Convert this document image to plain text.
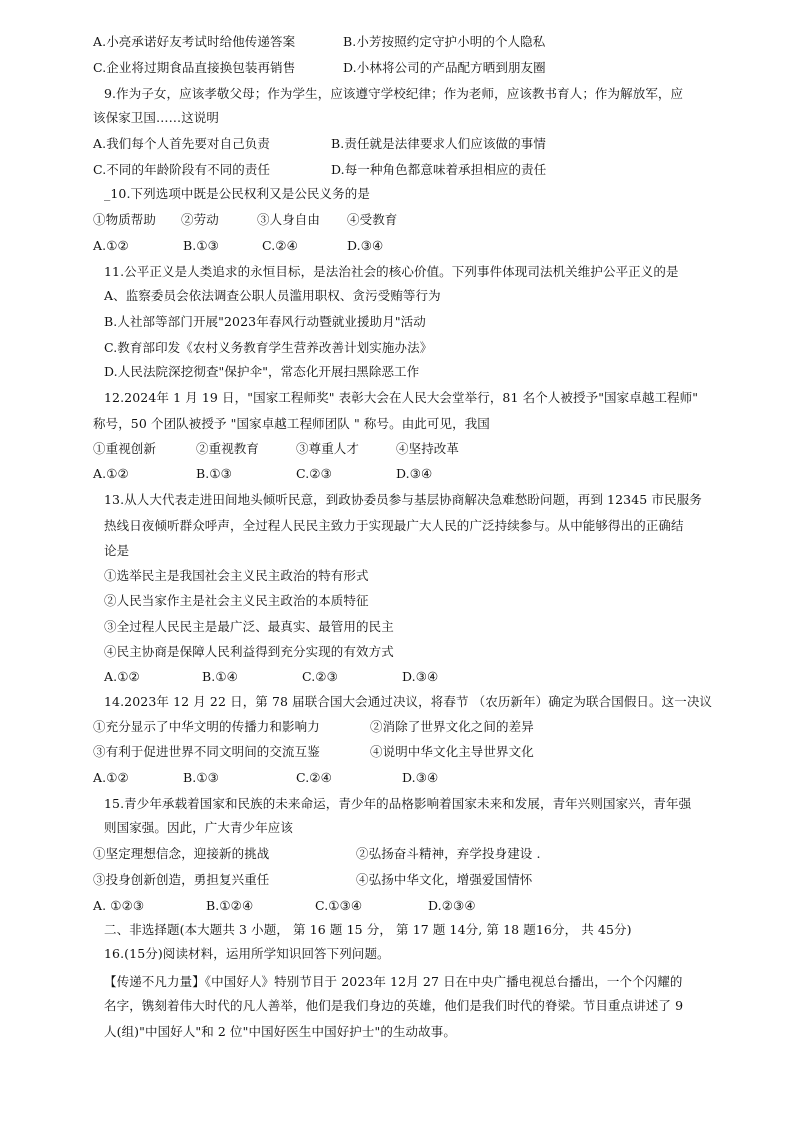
A.小亮承诺好友考试时给他传递答案	B.小芳按照约定守护小明的个人隐私
C.企业将过期食品直接换包装再销售	D.小林将公司的产品配方晒到朋友圈
9.作为子女，应该孝敬父母；作为学生，应该遵守学校纪律；作为老师，应该教书育人；作为解放军，应
该保家卫国……这说明
A.我们每个人首先要对自己负责	B.责任就是法律要求人们应该做的事情
C.不同的年龄阶段有不同的责任	D.每一种角色都意味着承担相应的责任
_10.下列选项中既是公民权利又是公民义务的是
①物质帮助 ②劳动	③人身自由 ④受教育
A.①②	B.①③	C.②④	D.③④
11.公平正义是人类追求的永恒目标，是法治社会的核心价值。下列事件体现司法机关维护公平正义的是
A、监察委员会依法调查公职人员滥用职权、贪污受贿等行为
B.人社部等部门开展"2023年春风行动暨就业援助月"活动
C.教育部印发《农村义务教育学生营养改善计划实施办法》
D.人民法院深挖彻查"保护伞"，常态化开展扫黑除恶工作
12.2024年 1 月 19 日，"国家工程师奖" 表彰大会在人民大会堂举行，81 名个人被授予"国家卓越工程师"
称号，50 个团队被授予 "国家卓越工程师团队 " 称号。由此可见，我国
①重视创新	②重视教育	③尊重人才	④坚持改革
A.①②	B.①③	C.②③	D.③④
13.从人大代表走进田间地头倾听民意，到政协委员参与基层协商解决急难愁盼问题，再到 12345 市民服务
热线日夜倾听群众呼声，全过程人民民主致力于实现最广大人民的广泛持续参与。从中能够得出的正确结
论是
①选举民主是我国社会主义民主政治的特有形式
②人民当家作主是社会主义民主政治的本质特征
③全过程人民民主是最广泛、最真实、最管用的民主
④民主协商是保障人民利益得到充分实现的有效方式
A.①②	B.①④	C.②③	D.③④
14.2023年 12 月 22 日，第 78 届联合国大会通过决议，将春节 （农历新年）确定为联合国假日。这一决议
①充分显示了中华文明的传播力和影响力	②消除了世界文化之间的差异
③有利于促进世界不同文明间的交流互鉴	④说明中华文化主导世界文化
A.①②	B.①③	C.②④	D.③④
15.青少年承载着国家和民族的未来命运，青少年的品格影响着国家未来和发展，青年兴则国家兴，青年强
则国家强。因此，广大青少年应该
①坚定理想信念，迎接新的挑战	②弘扬奋斗精神，弃学投身建设 .
③投身创新创造，勇担复兴重任	④弘扬中华文化，增强爱国情怀
A. ①②③	B.①②④	C.①③④	D.②③④
二、非选择题(本大题共 3 小题， 第 16 题 15 分， 第 17 题 14分, 第 18 题16分， 共 45分)
16.(15分)阅读材料，运用所学知识回答下列问题。
【传递不凡力量】《中国好人》特别节目于 2023年 12月 27 日在中央广播电视总台播出，一个个闪耀的
名字，镌刻着伟大时代的凡人善举，他们是我们身边的英雄，他们是我们时代的脊梁。节目重点讲述了 9
人(组)"中国好人"和 2 位"中国好医生中国好护士"的生动故事。
